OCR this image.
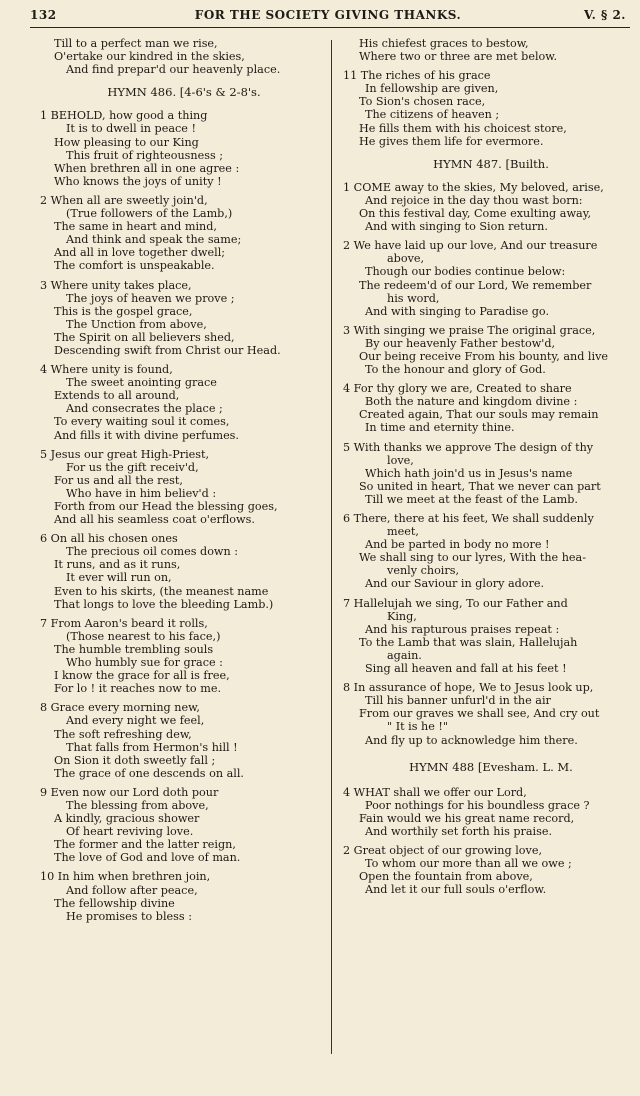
132	FOR THE SOCIETY GIVING THANKS.	V. § 2.
Till to a perfect man we rise,
O'ertake our kindred in the skies,
And find prepar'd our heavenly place.
HYMN 486. [4-6's & 2-8's.
1 BEHOLD, how good a thing
It is to dwell in peace !
How pleasing to our King
This fruit of righteousness ;
When brethren all in one agree :
Who knows the joys of unity !
2 When all are sweetly join'd,
(True followers of the Lamb,)
The same in heart and mind,
And think and speak the same;
And all in love together dwell;
The comfort is unspeakable.
3 Where unity takes place,
The joys of heaven we prove ;
This is the gospel grace,
The Unction from above,
The Spirit on all believers shed,
Descending swift from Christ our Head.
4 Where unity is found,
The sweet anointing grace
Extends to all around,
And consecrates the place ;
To every waiting soul it comes,
And fills it with divine perfumes.
5 Jesus our great High-Priest,
For us the gift receiv'd,
For us and all the rest,
Who have in him believ'd :
Forth from our Head the blessing goes,
And all his seamless coat o'erflows.
6 On all his chosen ones
The precious oil comes down :
It runs, and as it runs,
It ever will run on,
Even to his skirts, (the meanest name
That longs to love the bleeding Lamb.)
7 From Aaron's beard it rolls,
(Those nearest to his face,)
The humble trembling souls
Who humbly sue for grace :
I know the grace for all is free,
For lo ! it reaches now to me.
8 Grace every morning new,
And every night we feel,
The soft refreshing dew,
That falls from Hermon's hill !
On Sion it doth sweetly fall ;
The grace of one descends on all.
9 Even now our Lord doth pour
The blessing from above,
A kindly, gracious shower
Of heart reviving love.
The former and the latter reign,
The love of God and love of man.
10 In him when brethren join,
And follow after peace,
The fellowship divine
He promises to bless :
His chiefest graces to bestow,
Where two or three are met below.
11 The riches of his grace
In fellowship are given,
To Sion's chosen race,
The citizens of heaven ;
He fills them with his choicest store,
He gives them life for evermore.
HYMN 487. [Builth.
1 COME away to the skies, My beloved, arise,
And rejoice in the day thou wast born:
On this festival day, Come exulting away,
And with singing to Sion return.
2 We have laid up our love, And our treasure
above,
Though our bodies continue below:
The redeem'd of our Lord, We remember
his word,
And with singing to Paradise go.
3 With singing we praise The original grace,
By our heavenly Father bestow'd,
Our being receive From his bounty, and live
To the honour and glory of God.
4 For thy glory we are, Created to share
Both the nature and kingdom divine :
Created again, That our souls may remain
In time and eternity thine.
5 With thanks we approve The design of thy
love,
Which hath join'd us in Jesus's name
So united in heart, That we never can part
Till we meet at the feast of the Lamb.
6 There, there at his feet, We shall suddenly
meet,
And be parted in body no more !
We shall sing to our lyres, With the hea-
venly choirs,
And our Saviour in glory adore.
7 Hallelujah we sing, To our Father and
King,
And his rapturous praises repeat :
To the Lamb that was slain, Hallelujah
again.
Sing all heaven and fall at his feet !
8 In assurance of hope, We to Jesus look up,
Till his banner unfurl'd in the air
From our graves we shall see, And cry out
" It is he !"
And fly up to acknowledge him there.
HYMN 488 [Evesham. L. M.
4 WHAT shall we offer our Lord,
Poor nothings for his boundless grace ?
Fain would we his great name record,
And worthily set forth his praise.
2 Great object of our growing love,
To whom our more than all we owe ;
Open the fountain from above,
And let it our full souls o'erflow.
